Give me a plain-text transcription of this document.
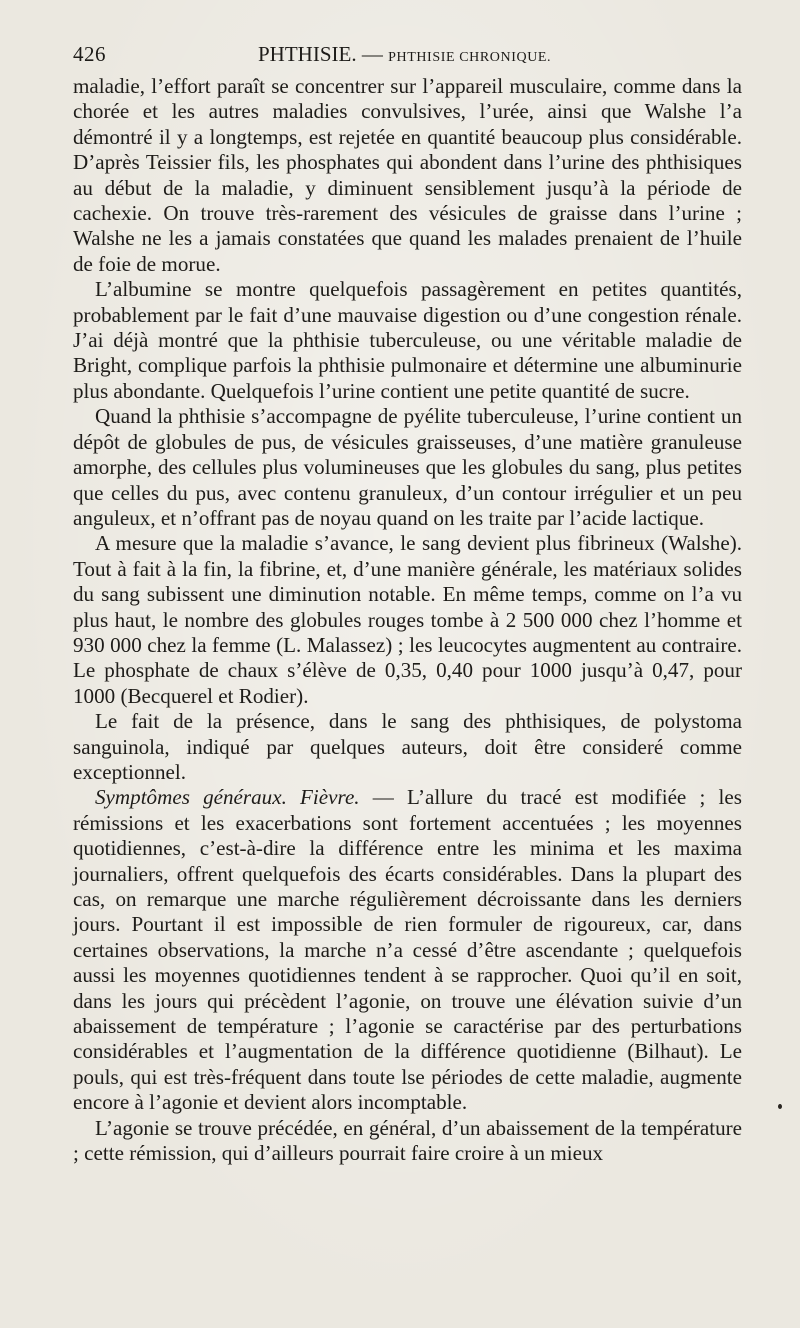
426	PHTHISIE. — PHTHISIE CHRONIQUE.

maladie, l’effort paraît se concentrer sur l’appareil musculaire, comme dans la chorée et les autres maladies convulsives, l’urée, ainsi que Walshe l’a démontré il y a longtemps, est rejetée en quantité beaucoup plus considérable. D’après Teissier fils, les phosphates qui abondent dans l’urine des phthisiques au début de la maladie, y diminuent sensiblement jusqu’à la période de cachexie. On trouve très-rarement des vésicules de graisse dans l’urine ; Walshe ne les a jamais constatées que quand les malades prenaient de l’huile de foie de morue.

L’albumine se montre quelquefois passagèrement en petites quantités, probablement par le fait d’une mauvaise digestion ou d’une congestion rénale. J’ai déjà montré que la phthisie tuberculeuse, ou une véritable maladie de Bright, complique parfois la phthisie pulmonaire et détermine une albuminurie plus abondante. Quelquefois l’urine contient une petite quantité de sucre.

Quand la phthisie s’accompagne de pyélite tuberculeuse, l’urine contient un dépôt de globules de pus, de vésicules graisseuses, d’une matière granuleuse amorphe, des cellules plus volumineuses que les globules du sang, plus petites que celles du pus, avec contenu granuleux, d’un contour irrégulier et un peu anguleux, et n’offrant pas de noyau quand on les traite par l’acide lactique.

A mesure que la maladie s’avance, le sang devient plus fibrineux (Walshe). Tout à fait à la fin, la fibrine, et, d’une manière générale, les matériaux solides du sang subissent une diminution notable. En même temps, comme on l’a vu plus haut, le nombre des globules rouges tombe à 2 500 000 chez l’homme et 930 000 chez la femme (L. Malassez) ; les leucocytes augmentent au contraire. Le phosphate de chaux s’élève de 0,35, 0,40 pour 1000 jusqu’à 0,47, pour 1000 (Becquerel et Rodier).

Le fait de la présence, dans le sang des phthisiques, de polystoma sanguinola, indiqué par quelques auteurs, doit être consideré comme exceptionnel.

Symptômes généraux. Fièvre. — L’allure du tracé est modifiée ; les rémissions et les exacerbations sont fortement accentuées ; les moyennes quotidiennes, c’est-à-dire la différence entre les minima et les maxima journaliers, offrent quelquefois des écarts considérables. Dans la plupart des cas, on remarque une marche régulièrement décroissante dans les derniers jours. Pourtant il est impossible de rien formuler de rigoureux, car, dans certaines observations, la marche n’a cessé d’être ascendante ; quelquefois aussi les moyennes quotidiennes tendent à se rapprocher. Quoi qu’il en soit, dans les jours qui précèdent l’agonie, on trouve une élévation suivie d’un abaissement de température ; l’agonie se caractérise par des perturbations considérables et l’augmentation de la différence quotidienne (Bilhaut). Le pouls, qui est très-fréquent dans toute lse périodes de cette maladie, augmente encore à l’agonie et devient alors incomptable.

L’agonie se trouve précédée, en général, d’un abaissement de la température ; cette rémission, qui d’ailleurs pourrait faire croire à un mieux
